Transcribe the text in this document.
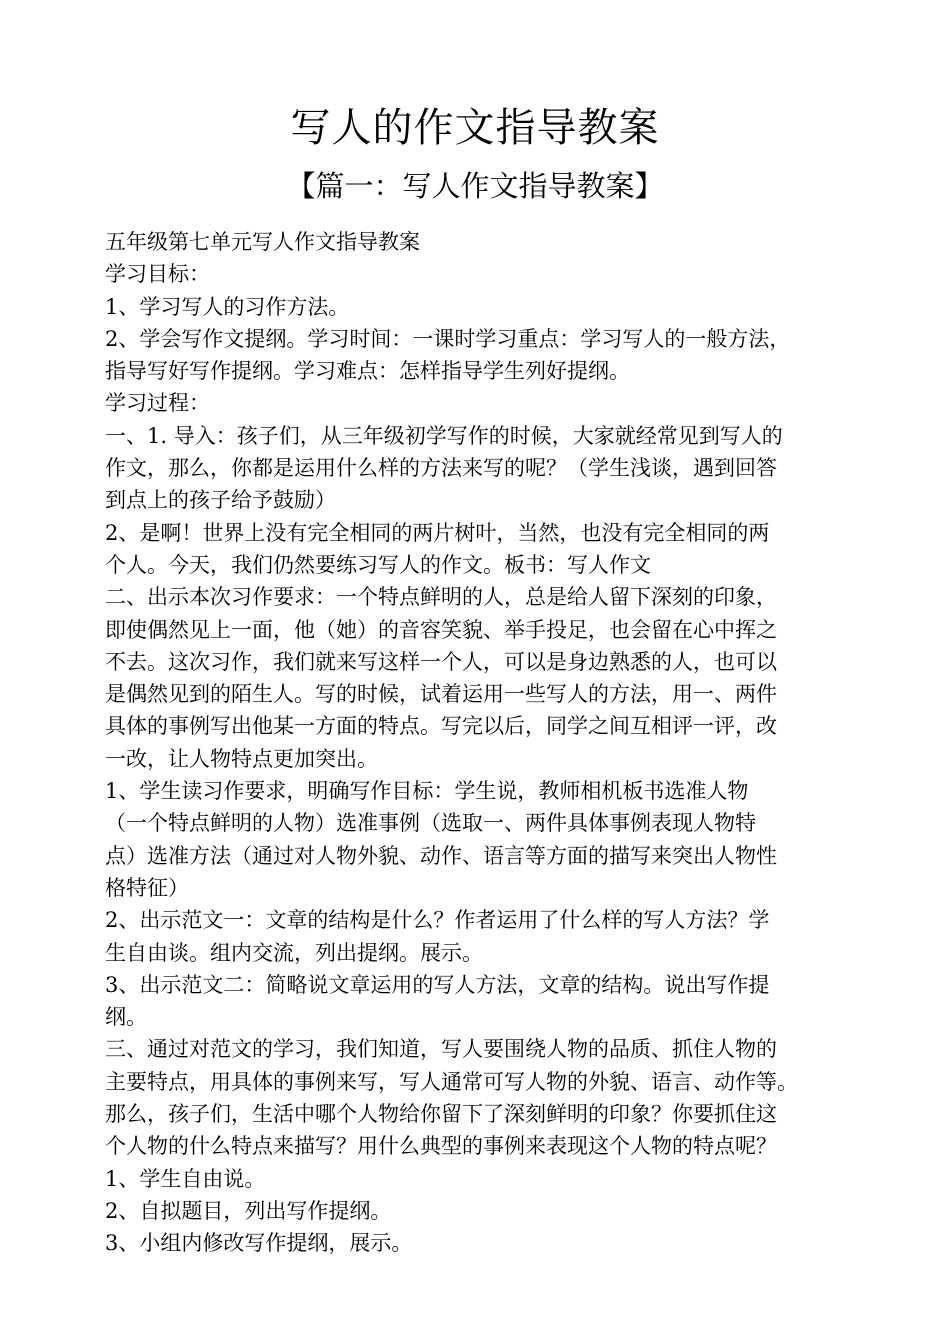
写人的作文指导教案
【篇一：写人作文指导教案】
五年级第七单元写人作文指导教案
学习目标：
1、学习写人的习作方法。
2、学会写作文提纲。学习时间：一课时学习重点：学习写人的一般方法，
指导写好写作提纲。学习难点：怎样指导学生列好提纲。
学习过程：
一、1. 导入：孩子们，从三年级初学写作的时候，大家就经常见到写人的
作文，那么，你都是运用什么样的方法来写的呢？（学生浅谈，遇到回答
到点上的孩子给予鼓励）
2、是啊！世界上没有完全相同的两片树叶，当然，也没有完全相同的两
个人。今天，我们仍然要练习写人的作文。板书：写人作文
二、出示本次习作要求：一个特点鲜明的人，总是给人留下深刻的印象，
即使偶然见上一面，他（她）的音容笑貌、举手投足，也会留在心中挥之
不去。这次习作，我们就来写这样一个人，可以是身边熟悉的人，也可以
是偶然见到的陌生人。写的时候，试着运用一些写人的方法，用一、两件
具体的事例写出他某一方面的特点。写完以后，同学之间互相评一评，改
一改，让人物特点更加突出。
1、学生读习作要求，明确写作目标：学生说，教师相机板书选准人物
（一个特点鲜明的人物）选准事例（选取一、两件具体事例表现人物特
点）选准方法（通过对人物外貌、动作、语言等方面的描写来突出人物性
格特征）
2、出示范文一：文章的结构是什么？作者运用了什么样的写人方法？学
生自由谈。组内交流，列出提纲。展示。
3、出示范文二：简略说文章运用的写人方法，文章的结构。说出写作提
纲。
三、通过对范文的学习，我们知道，写人要围绕人物的品质、抓住人物的
主要特点，用具体的事例来写，写人通常可写人物的外貌、语言、动作等。
那么，孩子们，生活中哪个人物给你留下了深刻鲜明的印象？你要抓住这
个人物的什么特点来描写？用什么典型的事例来表现这个人物的特点呢？
1、学生自由说。
2、自拟题目，列出写作提纲。
3、小组内修改写作提纲，展示。
